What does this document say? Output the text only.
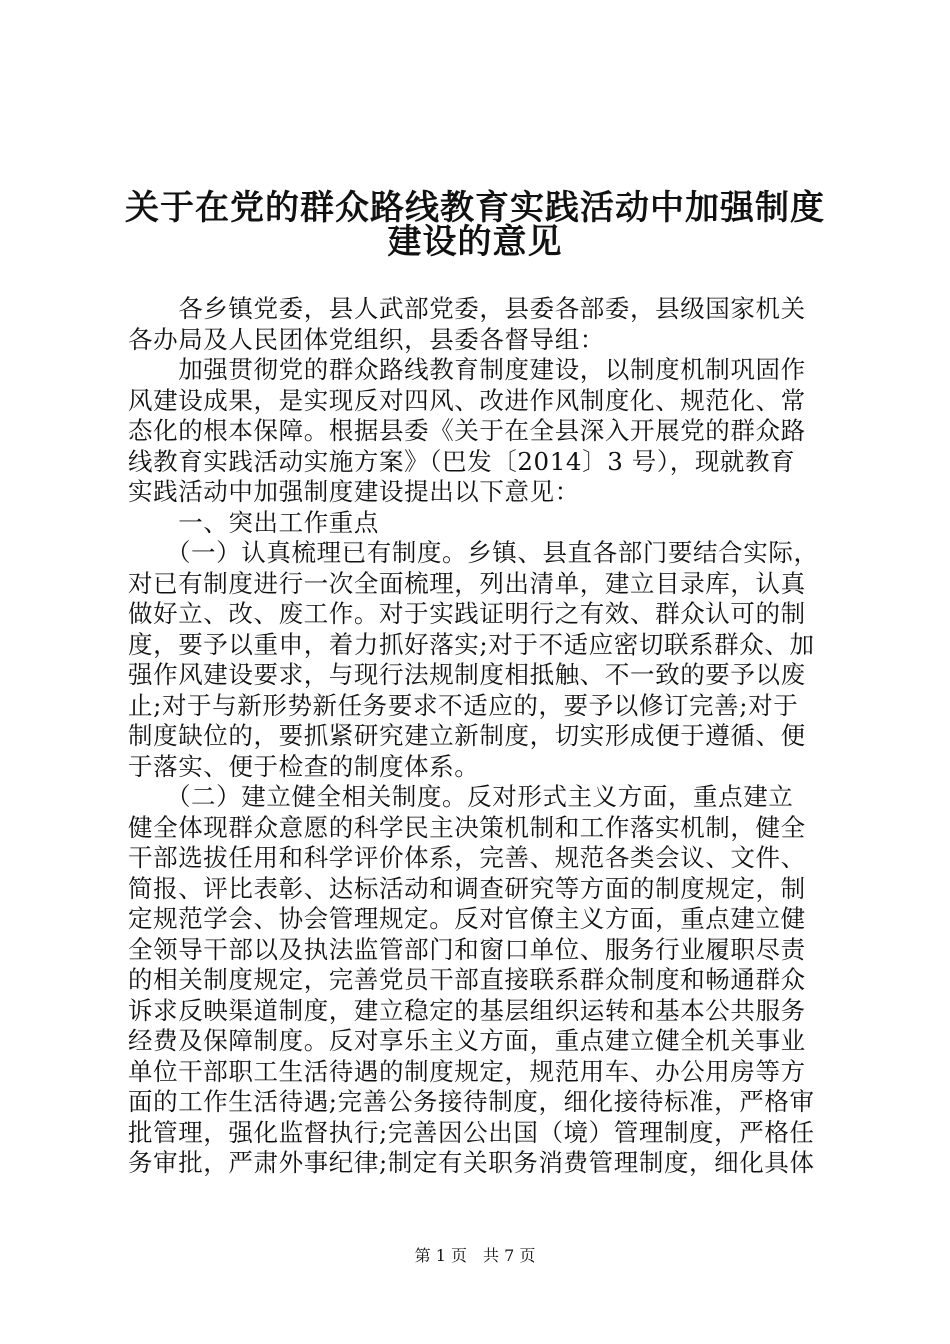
关于在党的群众路线教育实践活动中加强制度
建设的意见
　　各乡镇党委，县人武部党委，县委各部委，县级国家机关
各办局及人民团体党组织，县委各督导组：
　　加强贯彻党的群众路线教育制度建设，以制度机制巩固作
风建设成果，是实现反对四风、改进作风制度化、规范化、常
态化的根本保障。根据县委《关于在全县深入开展党的群众路
线教育实践活动实施方案》（巴发〔2014〕3 号），现就教育
实践活动中加强制度建设提出以下意见：
　　一、突出工作重点
　　（一）认真梳理已有制度。乡镇、县直各部门要结合实际，
对已有制度进行一次全面梳理，列出清单，建立目录库，认真
做好立、改、废工作。对于实践证明行之有效、群众认可的制
度，要予以重申，着力抓好落实;对于不适应密切联系群众、加
强作风建设要求，与现行法规制度相抵触、不一致的要予以废
止;对于与新形势新任务要求不适应的，要予以修订完善;对于
制度缺位的，要抓紧研究建立新制度，切实形成便于遵循、便
于落实、便于检查的制度体系。
　　（二）建立健全相关制度。反对形式主义方面，重点建立
健全体现群众意愿的科学民主决策机制和工作落实机制，健全
干部选拔任用和科学评价体系，完善、规范各类会议、文件、
简报、评比表彰、达标活动和调查研究等方面的制度规定，制
定规范学会、协会管理规定。反对官僚主义方面，重点建立健
全领导干部以及执法监管部门和窗口单位、服务行业履职尽责
的相关制度规定，完善党员干部直接联系群众制度和畅通群众
诉求反映渠道制度，建立稳定的基层组织运转和基本公共服务
经费及保障制度。反对享乐主义方面，重点建立健全机关事业
单位干部职工生活待遇的制度规定，规范用车、办公用房等方
面的工作生活待遇;完善公务接待制度，细化接待标准，严格审
批管理，强化监督执行;完善因公出国（境）管理制度，严格任
务审批，严肃外事纪律;制定有关职务消费管理制度，细化具体
第 1 页　共 7 页
